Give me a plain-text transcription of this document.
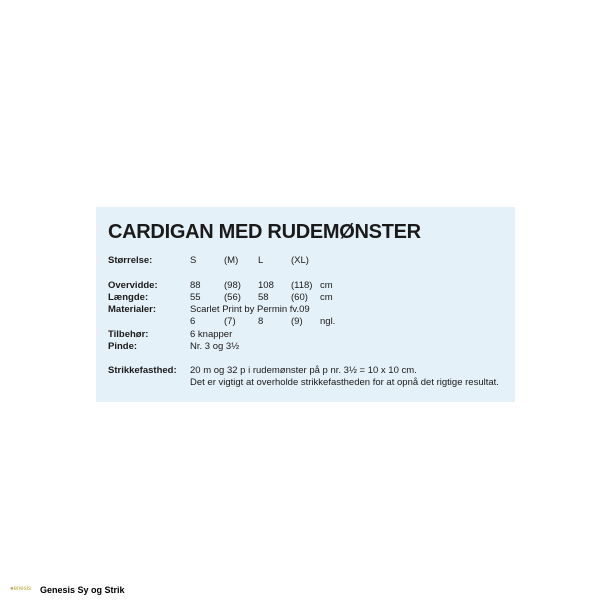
CARDIGAN MED RUDEMØNSTER
Størrelse:	S	(M) L	(XL)
Overvidde:	88 (98) 108 (118) cm
Længde:	55 (56) 58 (60) cm
Materialer:	Scarlet Print by Permin fv.09
6	(7) 8	(9) ngl.
Tilbehør:	6 knapper
Pinde:	Nr. 3 og 3½
Strikkefasthed: 20 m og 32 p i rudemønster på p nr. 3½ = 10 x 10 cm.
Det er vigtigt at overholde strikkefastheden for at opnå det rigtige resultat.
●enesis Genesis Sy og Strik
